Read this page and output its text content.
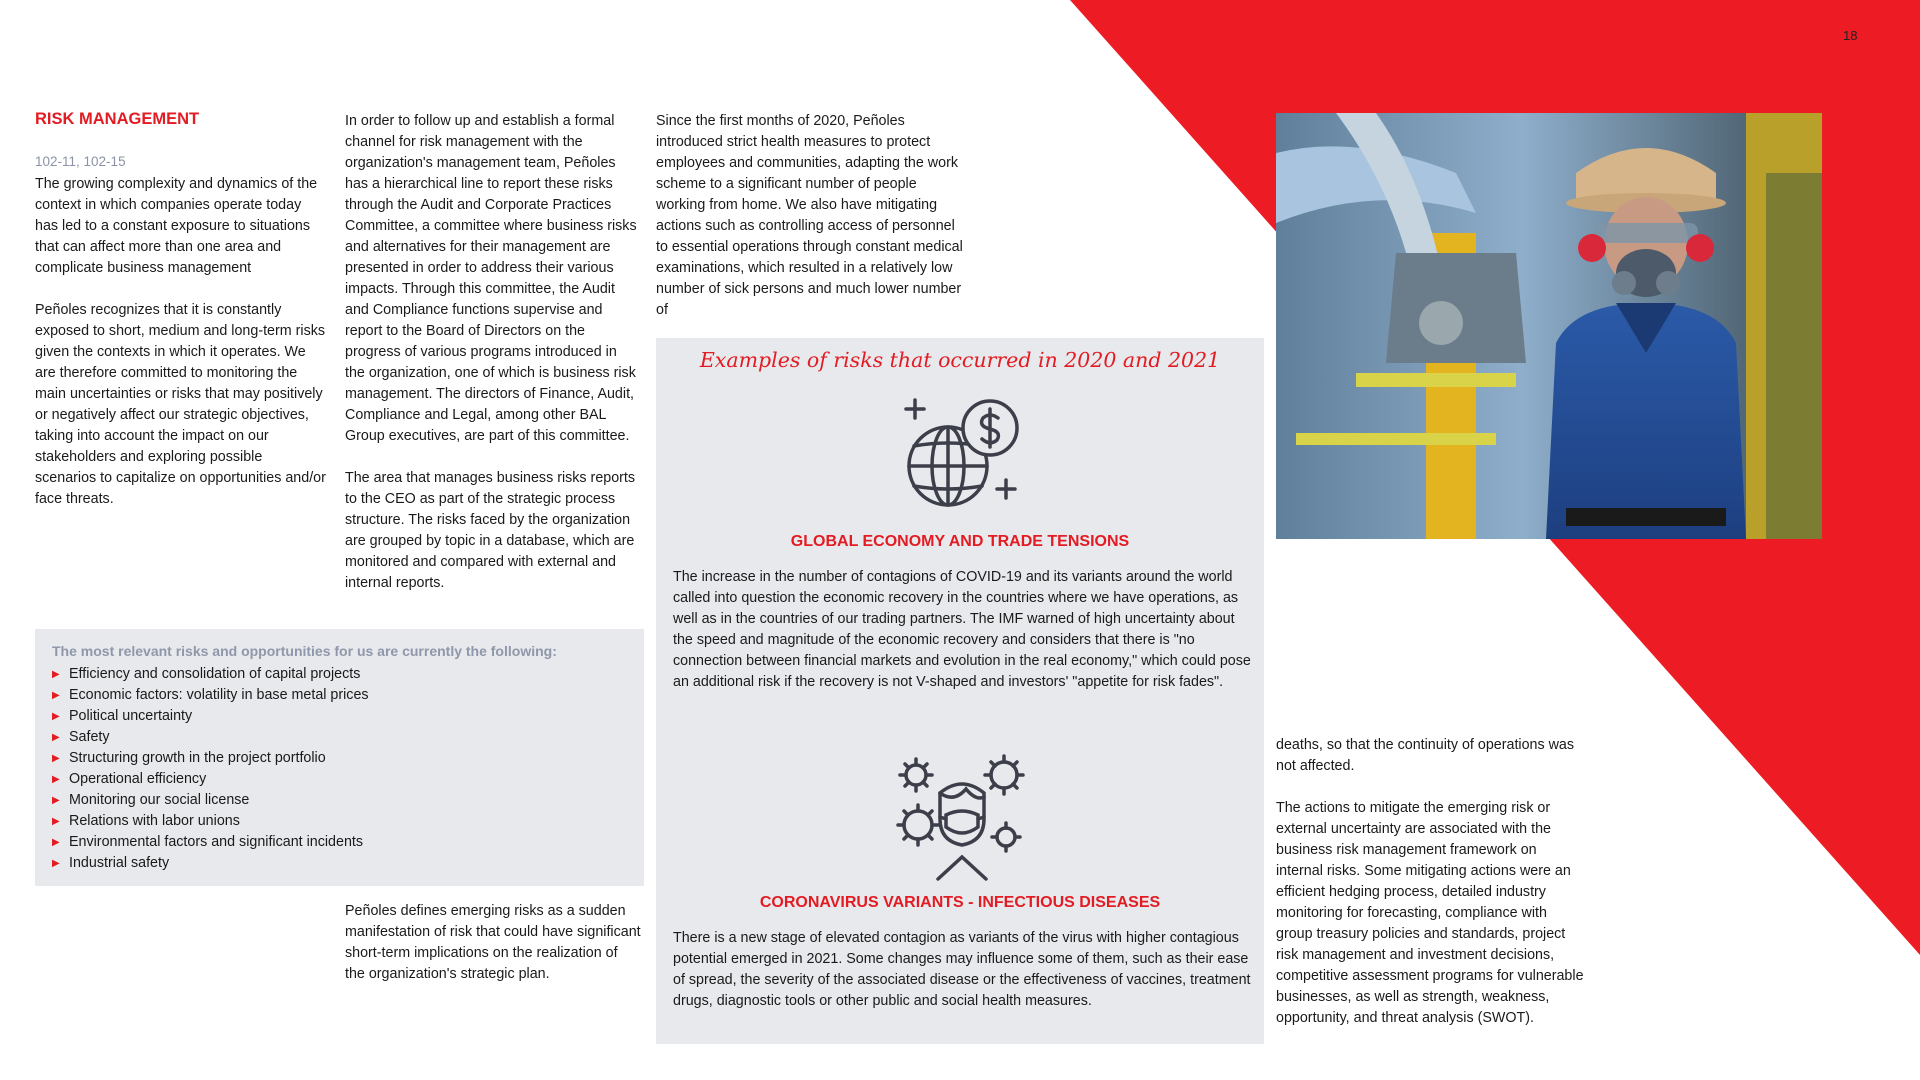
18
RISK MANAGEMENT
102-11, 102-15

The growing complexity and dynamics of the context in which companies operate today has led to a constant exposure to situations that can affect more than one area and complicate business management

Peñoles recognizes that it is constantly exposed to short, medium and long-term risks given the contexts in which it operates. We are therefore committed to monitoring the main uncertainties or risks that may positively or negatively affect our strategic objectives, taking into account the impact on our stakeholders and exploring possible scenarios to capitalize on opportunities and/or face threats.

In order to follow up and establish a formal channel for risk management with the organization's management team, Peñoles has a hierarchical line to report these risks through the Audit and Corporate Practices Committee, a committee where business risks and alternatives for their management are presented in order to address their various impacts. Through this committee, the Audit and Compliance functions supervise and report to the Board of Directors on the progress of various programs introduced in the organization, one of which is business risk management. The directors of Finance, Audit, Compliance and Legal, among other BAL Group executives, are part of this committee.

The area that manages business risks reports to the CEO as part of the strategic process structure. The risks faced by the organization are grouped by topic in a database, which are monitored and compared with external and internal reports.

Peñoles defines emerging risks as a sudden manifestation of risk that could have significant short-term implications on the realization of the organization's strategic plan.

The most relevant risks and opportunities for us are currently the following:
▶ Efficiency and consolidation of capital projects
▶ Economic factors: volatility in base metal prices
▶ Political uncertainty
▶ Safety
▶ Structuring growth in the project portfolio
▶ Operational efficiency
▶ Monitoring our social license
▶ Relations with labor unions
▶ Environmental factors and significant incidents
▶ Industrial safety

Since the first months of 2020, Peñoles introduced strict health measures to protect employees and communities, adapting the work scheme to a significant number of people working from home. We also have mitigating actions such as controlling access of personnel to essential operations through constant medical examinations, which resulted in a relatively low number of sick persons and much lower number of

Examples of risks that occurred in 2020 and 2021
GLOBAL ECONOMY AND TRADE TENSIONS
The increase in the number of contagions of COVID-19 and its variants around the world called into question the economic recovery in the countries where we have operations, as well as in the countries of our trading partners. The IMF warned of high uncertainty about the speed and magnitude of the economic recovery and considers that there is "no connection between financial markets and evolution in the real economy," which could pose an additional risk if the recovery is not V-shaped and investors' "appetite for risk fades".
CORONAVIRUS VARIANTS - INFECTIOUS DISEASES
There is a new stage of elevated contagion as variants of the virus with higher contagious potential emerged in 2021. Some changes may influence some of them, such as their ease of spread, the severity of the associated disease or the effectiveness of vaccines, treatment drugs, diagnostic tools or other public and social health measures.

deaths, so that the continuity of operations was not affected.

The actions to mitigate the emerging risk or external uncertainty are associated with the business risk management framework on internal risks. Some mitigating actions were an efficient hedging process, detailed industry monitoring for forecasting, compliance with group treasury policies and standards, project risk management and investment decisions, competitive assessment programs for vulnerable businesses, as well as strength, weakness, opportunity, and threat analysis (SWOT).
